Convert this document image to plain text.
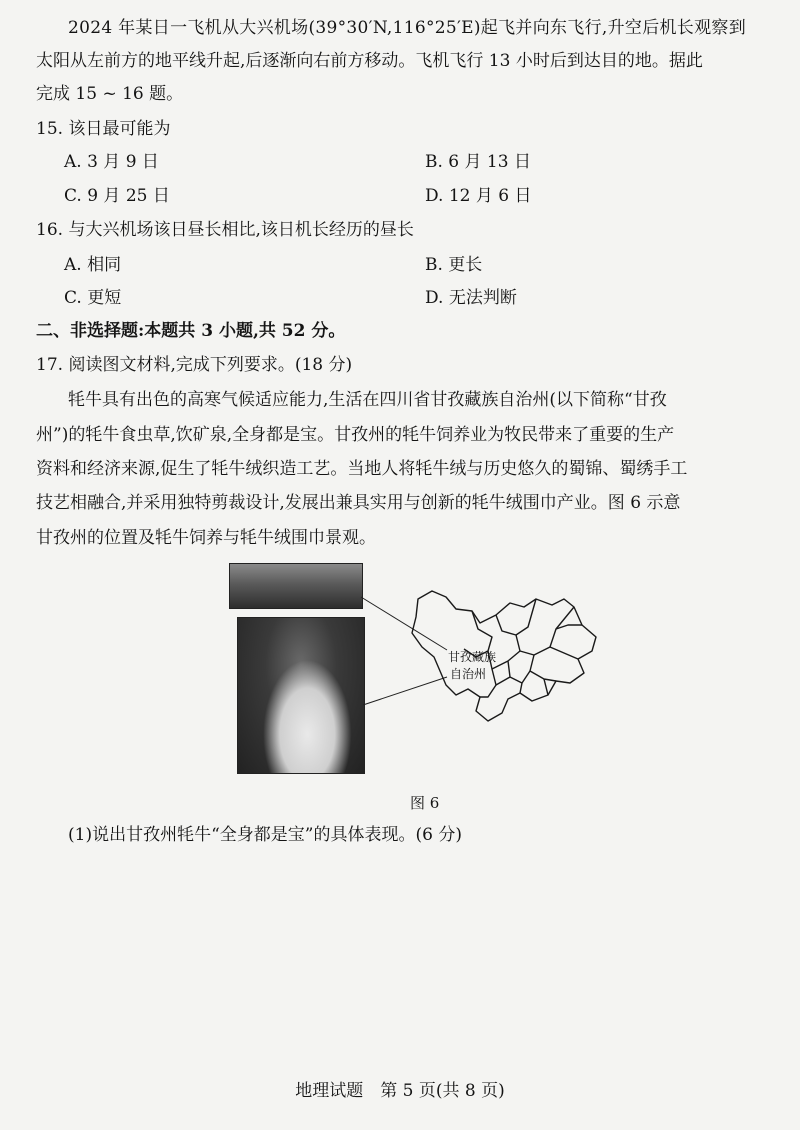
2024 年某日一飞机从大兴机场(39°30′N,116°25′E)起飞并向东飞行,升空后机长观察到
太阳从左前方的地平线升起,后逐渐向右前方移动。飞机飞行 13 小时后到达目的地。据此
完成 15 ~ 16 题。
15. 该日最可能为
A. 3 月 9 日	B. 6 月 13 日
C. 9 月 25 日	D. 12 月 6 日
16. 与大兴机场该日昼长相比,该日机长经历的昼长
A. 相同	B. 更长
C. 更短	D. 无法判断
二、非选择题:本题共 3 小题,共 52 分。
17. 阅读图文材料,完成下列要求。(18 分)
牦牛具有出色的高寒气候适应能力,生活在四川省甘孜藏族自治州(以下简称“甘孜
州”)的牦牛食虫草,饮矿泉,全身都是宝。甘孜州的牦牛饲养业为牧民带来了重要的生产
资料和经济来源,促生了牦牛绒织造工艺。当地人将牦牛绒与历史悠久的蜀锦、蜀绣手工
技艺相融合,并采用独特剪裁设计,发展出兼具实用与创新的牦牛绒围巾产业。图 6 示意
甘孜州的位置及牦牛饲养与牦牛绒围巾景观。
甘孜藏族
自治州
图 6
(1)说出甘孜州牦牛“全身都是宝”的具体表现。(6 分)
地理试题　第 5 页(共 8 页)
